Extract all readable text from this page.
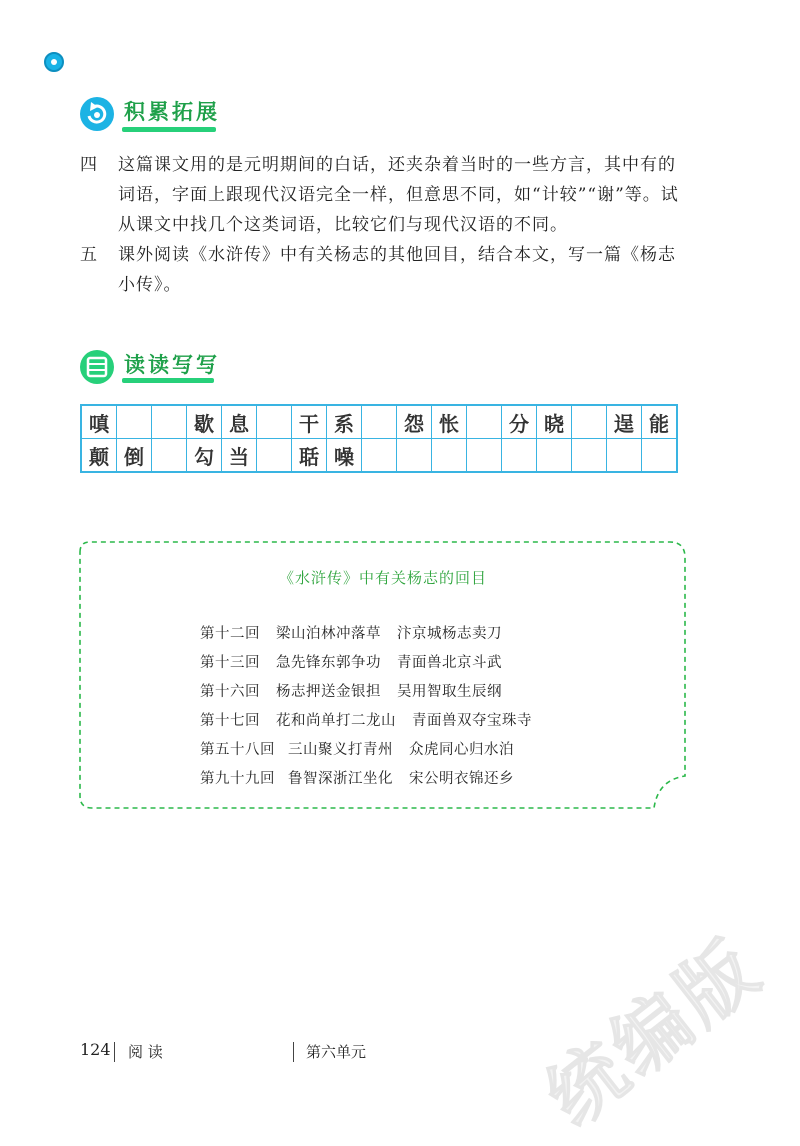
积累拓展
四 这篇课文用的是元明期间的白话，还夹杂着当时的一些方言，其中有的词语，字面上跟现代汉语完全一样，但意思不同，如“计较”“谢”等。试从课文中找几个这类词语，比较它们与现代汉语的不同。
五 课外阅读《水浒传》中有关杨志的其他回目，结合本文，写一篇《杨志小传》。
读读写写
嗔			歇	息		干	系		怨	怅		分	晓		逞	能
颠	倒		勾	当		聒	噪									
《水浒传》中有关杨志的回目
第十二回 梁山泊林冲落草 汴京城杨志卖刀
第十三回 急先锋东郭争功 青面兽北京斗武
第十六回 杨志押送金银担 吴用智取生辰纲
第十七回 花和尚单打二龙山 青面兽双夺宝珠寺
第五十八回 三山聚义打青州 众虎同心归水泊
第九十九回 鲁智深浙江坐化 宋公明衣锦还乡
统编版
124 阅 读	第六单元
